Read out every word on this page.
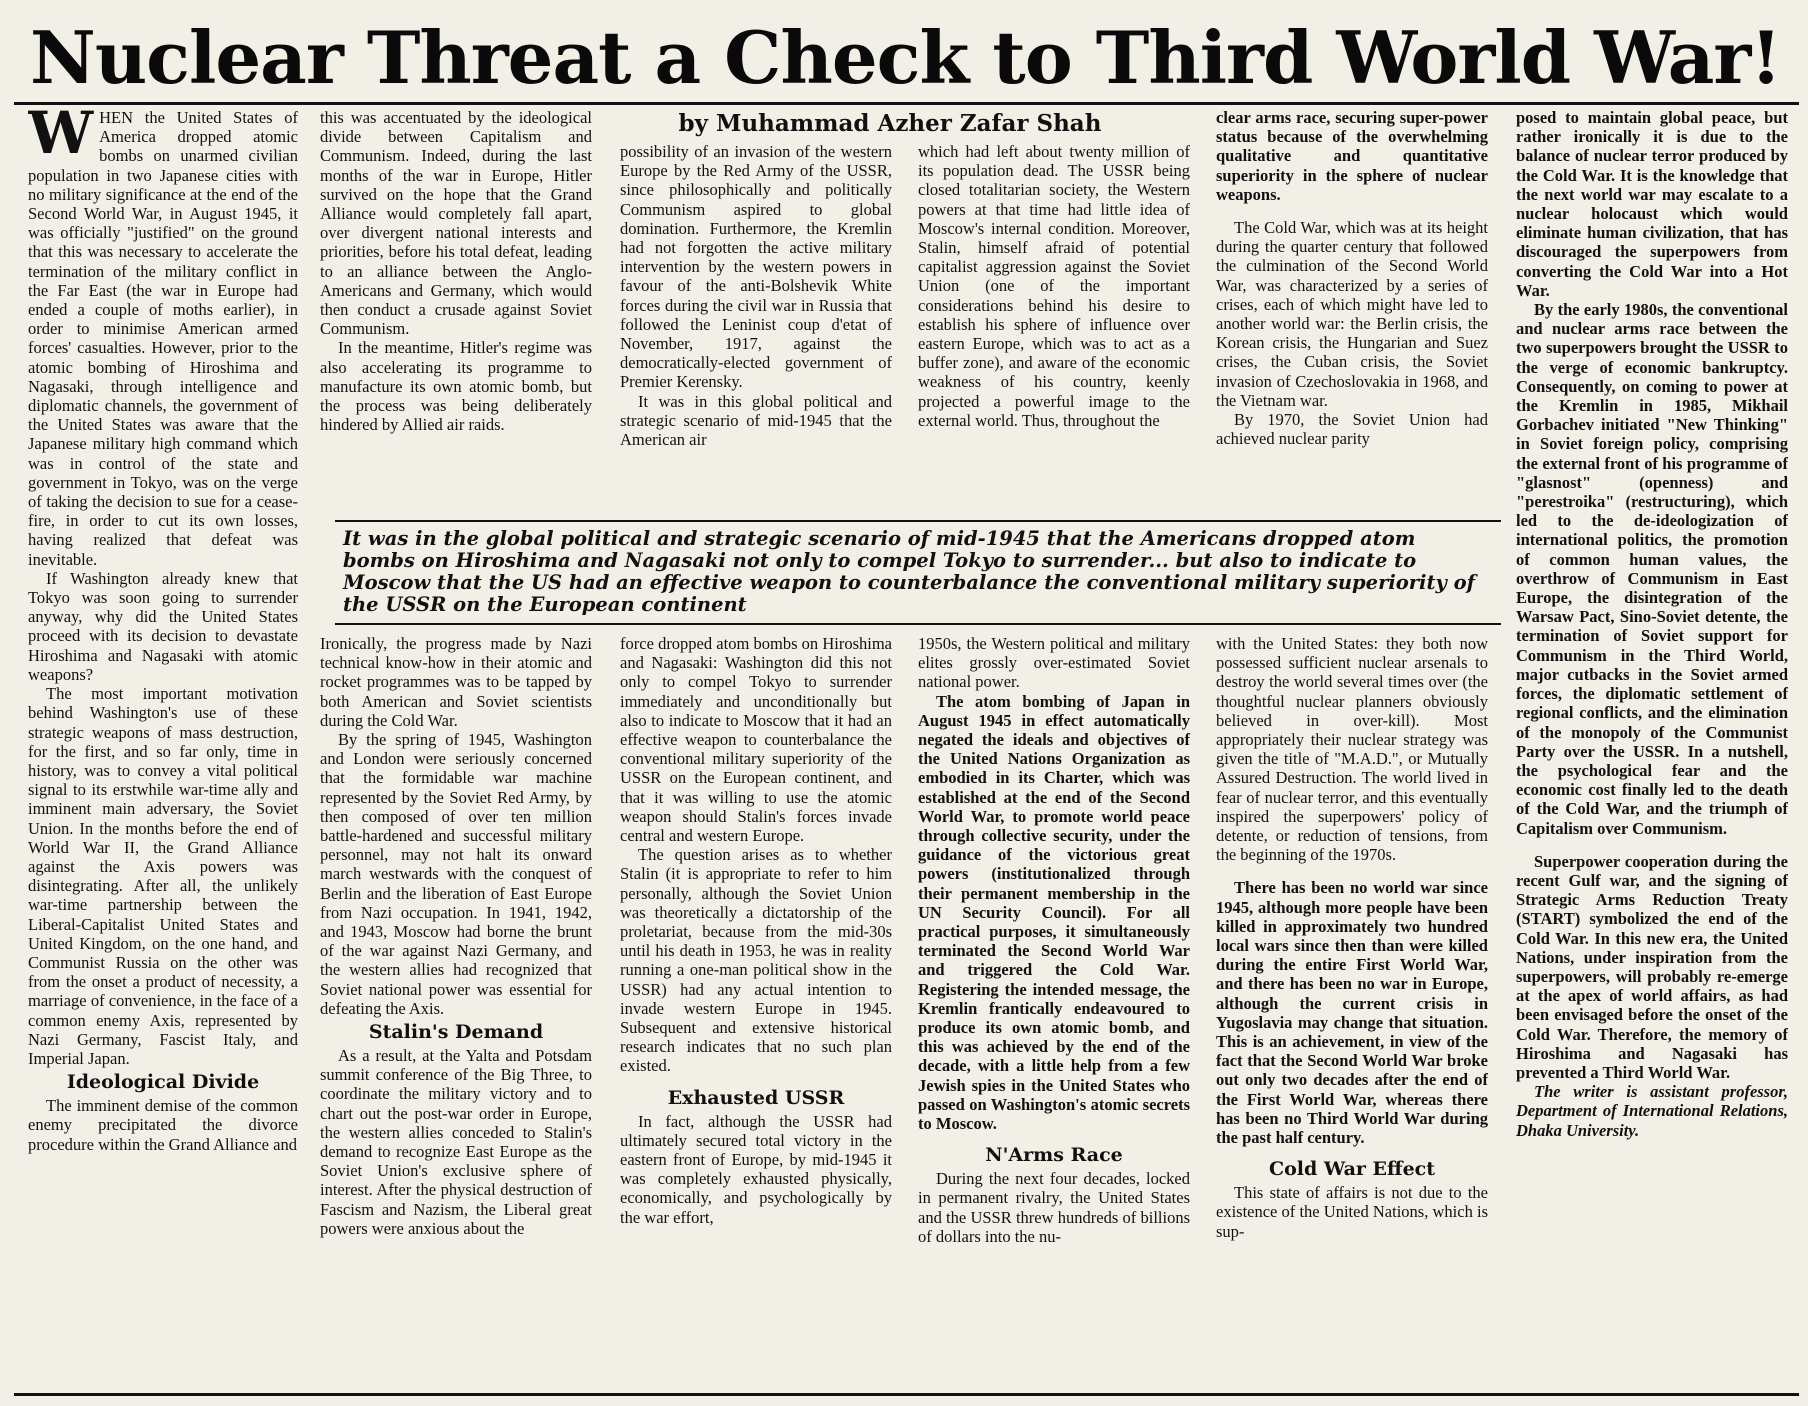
Nuclear Threat a Check to Third World War!
by Muhammad Azher Zafar Shah

WHEN the United States of America dropped atomic bombs on unarmed civilian population in two Japanese cities with no military significance at the end of the Second World War, in August 1945, it was officially "justified" on the ground that this was necessary to accelerate the termination of the military conflict in the Far East (the war in Europe had ended a couple of moths earlier), in order to minimise American armed forces' casualties. However, prior to the atomic bombing of Hiroshima and Nagasaki, through intelligence and diplomatic channels, the government of the United States was aware that the Japanese military high command which was in control of the state and government in Tokyo, was on the verge of taking the decision to sue for a cease-fire, in order to cut its own losses, having realized that defeat was inevitable.

If Washington already knew that Tokyo was soon going to surrender anyway, why did the United States proceed with its decision to devastate Hiroshima and Nagasaki with atomic weapons?

The most important motivation behind Washington's use of these strategic weapons of mass destruction, for the first, and so far only, time in history, was to convey a vital political signal to its erstwhile war-time ally and imminent main adversary, the Soviet Union. In the months before the end of World War II, the Grand Alliance against the Axis powers was disintegrating. After all, the unlikely war-time partnership between the Liberal-Capitalist United States and United Kingdom, on the one hand, and Communist Russia on the other was from the onset a product of necessity, a marriage of convenience, in the face of a common enemy Axis, represented by Nazi Germany, Fascist Italy, and Imperial Japan.

Ideological Divide

The imminent demise of the common enemy precipitated the divorce procedure within the Grand Alliance and

this was accentuated by the ideological divide between Capitalism and Communism. Indeed, during the last months of the war in Europe, Hitler survived on the hope that the Grand Alliance would completely fall apart, over divergent national interests and priorities, before his total defeat, leading to an alliance between the Anglo-Americans and Germany, which would then conduct a crusade against Soviet Communism.

In the meantime, Hitler's regime was also accelerating its programme to manufacture its own atomic bomb, but the process was being deliberately hindered by Allied air raids.

Ironically, the progress made by Nazi technical know-how in their atomic and rocket programmes was to be tapped by both American and Soviet scientists during the Cold War.

By the spring of 1945, Washington and London were seriously concerned that the formidable war machine represented by the Soviet Red Army, by then composed of over ten million battle-hardened and successful military personnel, may not halt its onward march westwards with the conquest of Berlin and the liberation of East Europe from Nazi occupation. In 1941, 1942, and 1943, Moscow had borne the brunt of the war against Nazi Germany, and the western allies had recognized that Soviet national power was essential for defeating the Axis.

Stalin's Demand

As a result, at the Yalta and Potsdam summit conference of the Big Three, to coordinate the military victory and to chart out the post-war order in Europe, the western allies conceded to Stalin's demand to recognize East Europe as the Soviet Union's exclusive sphere of interest. After the physical destruction of Fascism and Nazism, the Liberal great powers were anxious about the

possibility of an invasion of the western Europe by the Red Army of the USSR, since philosophically and politically Communism aspired to global domination. Furthermore, the Kremlin had not forgotten the active military intervention by the western powers in favour of the anti-Bolshevik White forces during the civil war in Russia that followed the Leninist coup d'etat of November, 1917, against the democratically-elected government of Premier Kerensky.

It was in this global political and strategic scenario of mid-1945 that the American air

force dropped atom bombs on Hiroshima and Nagasaki: Washington did this not only to compel Tokyo to surrender immediately and unconditionally but also to indicate to Moscow that it had an effective weapon to counterbalance the conventional military superiority of the USSR on the European continent, and that it was willing to use the atomic weapon should Stalin's forces invade central and western Europe.

The question arises as to whether Stalin (it is appropriate to refer to him personally, although the Soviet Union was theoretically a dictatorship of the proletariat, because from the mid-30s until his death in 1953, he was in reality running a one-man political show in the USSR) had any actual intention to invade western Europe in 1945. Subsequent and extensive historical research indicates that no such plan existed.

Exhausted USSR

In fact, although the USSR had ultimately secured total victory in the eastern front of Europe, by mid-1945 it was completely exhausted physically, economically, and psychologically by the war effort,

which had left about twenty million of its population dead. The USSR being closed totalitarian society, the Western powers at that time had little idea of Moscow's internal condition. Moreover, Stalin, himself afraid of potential capitalist aggression against the Soviet Union (one of the important considerations behind his desire to establish his sphere of influence over eastern Europe, which was to act as a buffer zone), and aware of the economic weakness of his country, keenly projected a powerful image to the external world. Thus, throughout the

1950s, the Western political and military elites grossly over-estimated Soviet national power.

The atom bombing of Japan in August 1945 in effect automatically negated the ideals and objectives of the United Nations Organization as embodied in its Charter, which was established at the end of the Second World War, to promote world peace through collective security, under the guidance of the victorious great powers (institutionalized through their permanent membership in the UN Security Council). For all practical purposes, it simultaneously terminated the Second World War and triggered the Cold War. Registering the intended message, the Kremlin frantically endeavoured to produce its own atomic bomb, and this was achieved by the end of the decade, with a little help from a few Jewish spies in the United States who passed on Washington's atomic secrets to Moscow.

N'Arms Race

During the next four decades, locked in permanent rivalry, the United States and the USSR threw hundreds of billions of dollars into the nu-

clear arms race, securing super-power status because of the overwhelming qualitative and quantitative superiority in the sphere of nuclear weapons.

The Cold War, which was at its height during the quarter century that followed the culmination of the Second World War, was characterized by a series of crises, each of which might have led to another world war: the Berlin crisis, the Korean crisis, the Hungarian and Suez crises, the Cuban crisis, the Soviet invasion of Czechoslovakia in 1968, and the Vietnam war.

By 1970, the Soviet Union had achieved nuclear parity

with the United States: they both now possessed sufficient nuclear arsenals to destroy the world several times over (the thoughtful nuclear planners obviously believed in over-kill). Most appropriately their nuclear strategy was given the title of "M.A.D.", or Mutually Assured Destruction. The world lived in fear of nuclear terror, and this eventually inspired the superpowers' policy of detente, or reduction of tensions, from the beginning of the 1970s.

There has been no world war since 1945, although more people have been killed in approximately two hundred local wars since then than were killed during the entire First World War, and there has been no war in Europe, although the current crisis in Yugoslavia may change that situation. This is an achievement, in view of the fact that the Second World War broke out only two decades after the end of the First World War, whereas there has been no Third World War during the past half century.

Cold War Effect

This state of affairs is not due to the existence of the United Nations, which is sup-

posed to maintain global peace, but rather ironically it is due to the balance of nuclear terror produced by the Cold War. It is the knowledge that the next world war may escalate to a nuclear holocaust which would eliminate human civilization, that has discouraged the superpowers from converting the Cold War into a Hot War.

By the early 1980s, the conventional and nuclear arms race between the two superpowers brought the USSR to the verge of economic bankruptcy. Consequently, on coming to power at the Kremlin in 1985, Mikhail Gorbachev initiated "New Thinking" in Soviet foreign policy, comprising the external front of his programme of "glasnost" (openness) and "perestroika" (restructuring), which led to the de-ideologization of international politics, the promotion of common human values, the overthrow of Communism in East Europe, the disintegration of the Warsaw Pact, Sino-Soviet detente, the termination of Soviet support for Communism in the Third World, major cutbacks in the Soviet armed forces, the diplomatic settlement of regional conflicts, and the elimination of the monopoly of the Communist Party over the USSR. In a nutshell, the psychological fear and the economic cost finally led to the death of the Cold War, and the triumph of Capitalism over Communism.

Superpower cooperation during the recent Gulf war, and the signing of Strategic Arms Reduction Treaty (START) symbolized the end of the Cold War. In this new era, the United Nations, under inspiration from the superpowers, will probably re-emerge at the apex of world affairs, as had been envisaged before the onset of the Cold War. Therefore, the memory of Hiroshima and Nagasaki has prevented a Third World War.

The writer is assistant professor, Department of International Relations, Dhaka University.

It was in the global political and strategic scenario of mid-1945 that the Americans dropped atom bombs on Hiroshima and Nagasaki not only to compel Tokyo to surrender... but also to indicate to Moscow that the US had an effective weapon to counterbalance the conventional military superiority of the USSR on the European continent
